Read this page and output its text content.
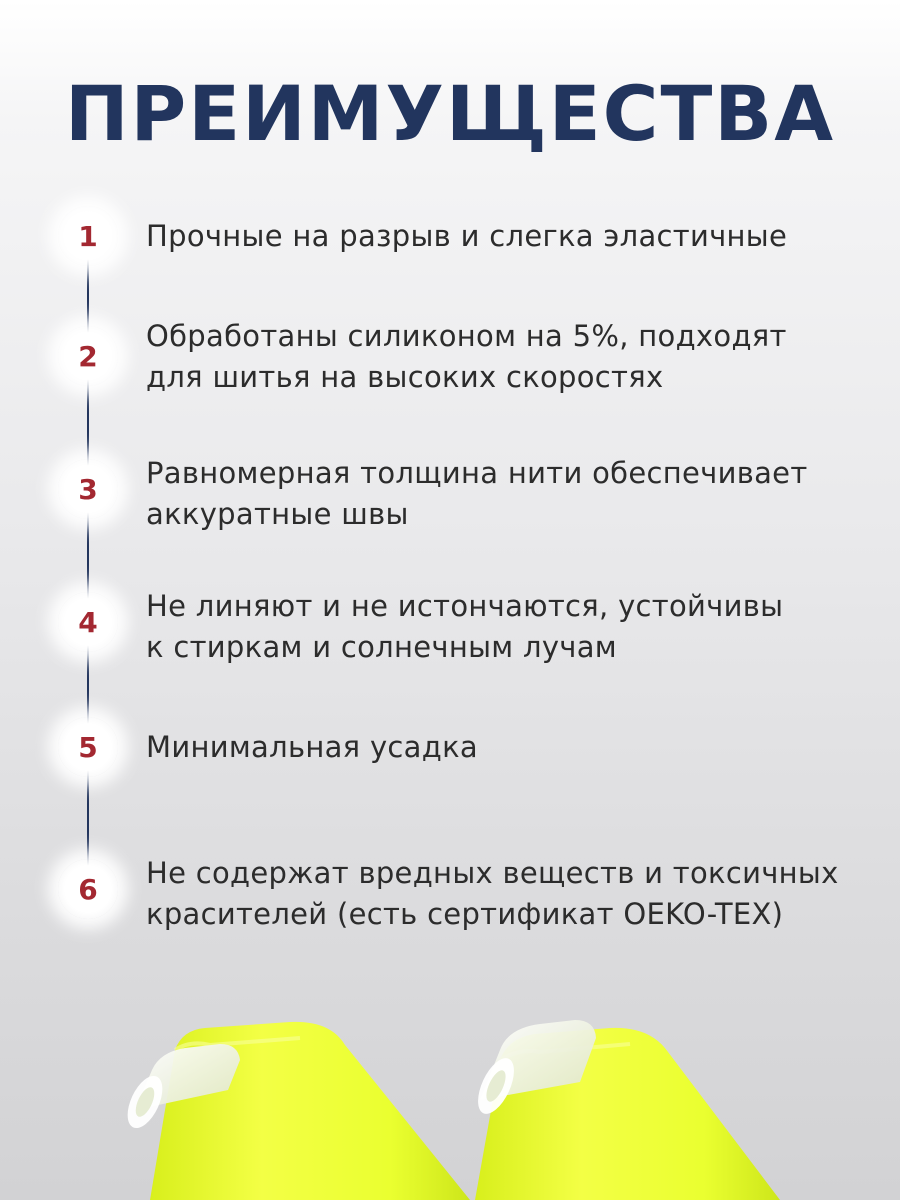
ПРЕИМУЩЕСТВА
1	Прочные на разрыв и слегка эластичные
2
Обработаны силиконом на 5%, подходят
для шитья на высоких скоростях
3	Равномерная толщина нити обеспечивает
аккуратные швы
4	Не линяют и не истончаются, устойчивы
к стиркам и солнечным лучам
5	Минимальная усадка
6	Не содержат вредных веществ и токсичных
красителей (есть сертификат OEKO-TEX)
